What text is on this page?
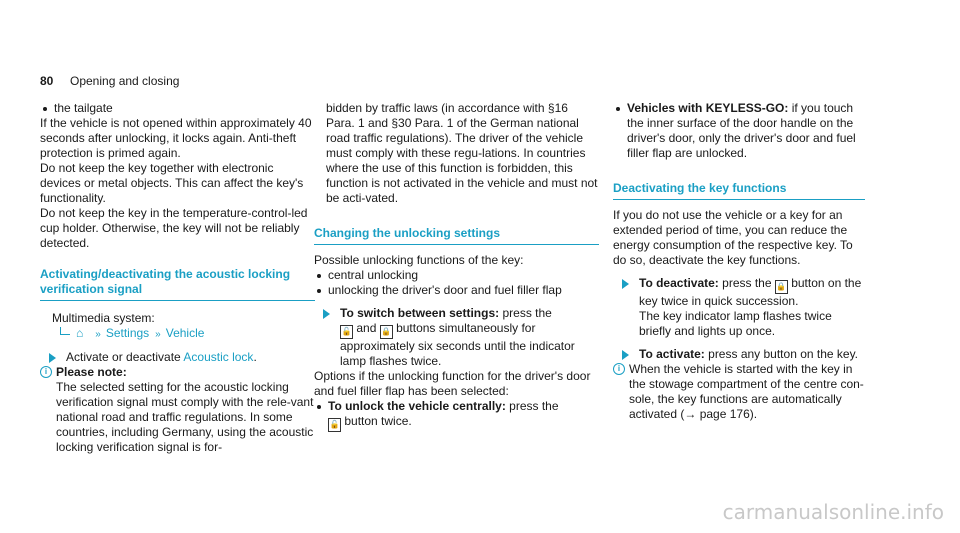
80 Opening and closing

the tailgate

If the vehicle is not opened within approximately 40 seconds after unlocking, it locks again. Anti-theft protection is primed again.

Do not keep the key together with electronic devices or metal objects. This can affect the key's functionality.

Do not keep the key in the temperature-control-led cup holder. Otherwise, the key will not be reliably detected.

Activating/deactivating the acoustic locking verification signal

Multimedia system:

⌂ » Settings » Vehicle

Activate or deactivate Acoustic lock.

i Please note:

The selected setting for the acoustic locking verification signal must comply with the rele-vant national road and traffic regulations. In some countries, including Germany, using the acoustic locking verification signal is for-

bidden by traffic laws (in accordance with §16 Para. 1 and §30 Para. 1 of the German national road traffic regulations). The driver of the vehicle must comply with these regu-lations. In countries where the use of this function is forbidden, this function is not activated in the vehicle and must not be acti-vated.

Changing the unlocking settings

Possible unlocking functions of the key:

central unlocking

unlocking the driver's door and fuel filler flap

To switch between settings: press the
🔓 and 🔒 buttons simultaneously for approximately six seconds until the indicator lamp flashes twice.

Options if the unlocking function for the driver's door and fuel filler flap has been selected:

To unlock the vehicle centrally: press the
🔓 button twice.

Vehicles with KEYLESS-GO: if you touch the inner surface of the door handle on the driver's door, only the driver's door and fuel filler flap are unlocked.

Deactivating the key functions

If you do not use the vehicle or a key for an extended period of time, you can reduce the energy consumption of the respective key. To do so, deactivate the key functions.

To deactivate: press the 🔒 button on the key twice in quick succession.
The key indicator lamp flashes twice briefly and lights up once.

To activate: press any button on the key.

i When the vehicle is started with the key in the stowage compartment of the centre con-sole, the key functions are automatically activated (→ page 176).

carmanualsonline.info
